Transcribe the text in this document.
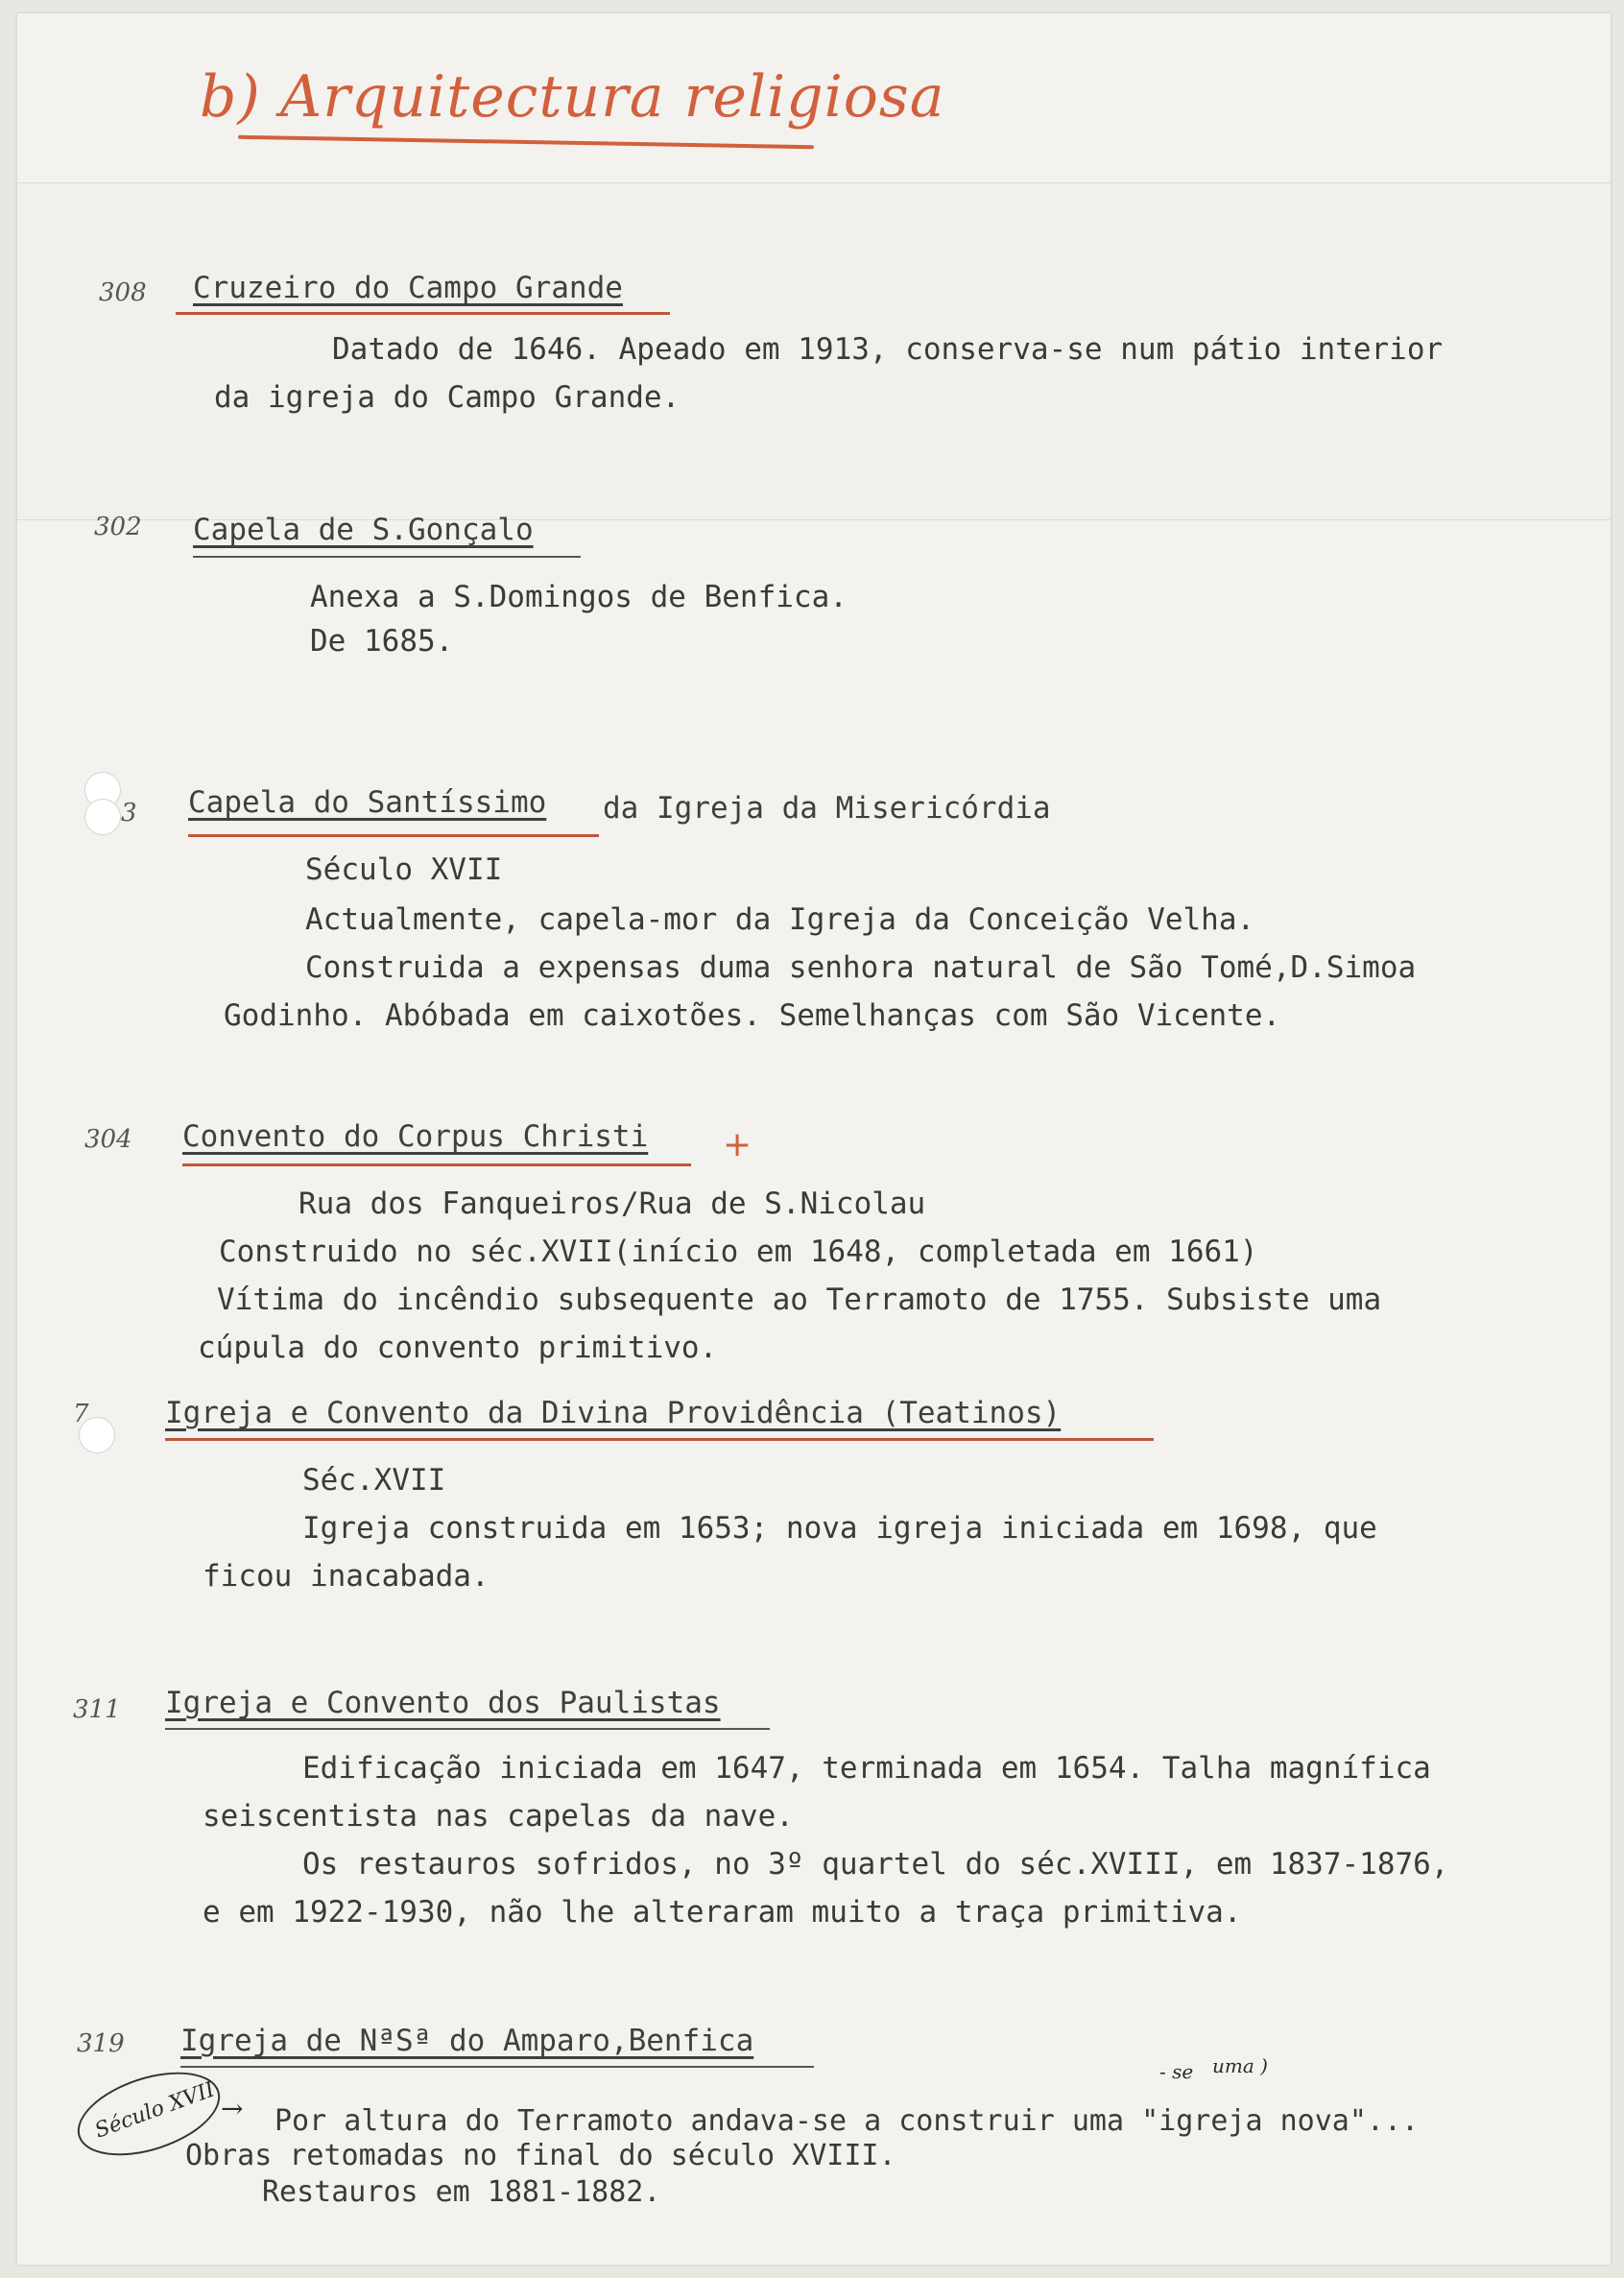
b) Arquitectura religiosa
308 Cruzeiro do Campo Grande
Datado de 1646. Apeado em 1913, conserva-se num pátio interior
da igreja do Campo Grande.
302 Capela de S.Gonçalo
Anexa a S.Domingos de Benfica.
De 1685.
3 Capela do Santíssimo da Igreja da Misericórdia
Século XVII
Actualmente, capela-mor da Igreja da Conceição Velha.
Construida a expensas duma senhora natural de São Tomé,D.Simoa
Godinho. Abóbada em caixotões. Semelhanças com São Vicente.
304 Convento do Corpus Christi +
Rua dos Fanqueiros/Rua de S.Nicolau
Construido no séc.XVII(início em 1648, completada em 1661)
Vítima do incêndio subsequente ao Terramoto de 1755. Subsiste uma
cúpula do convento primitivo.
7	Igreja e Convento da Divina Providência (Teatinos)
Séc.XVII
Igreja construida em 1653; nova igreja iniciada em 1698, que
ficou inacabada.
311 Igreja e Convento dos Paulistas
Edificação iniciada em 1647, terminada em 1654. Talha magnífica
seiscentista nas capelas da nave.
Os restauros sofridos, no 3º quartel do séc.XVIII, em 1837-1876,
e em 1922-1930, não lhe alteraram muito a traça primitiva.
319 Igreja de NªSª do Amparo,Benfica
- se uma )
Por altura do Terramoto andava-se a construir uma "igreja nova"...
Obras retomadas no final do século XVIII.
Restauros em 1881-1882.
Século XVII →
